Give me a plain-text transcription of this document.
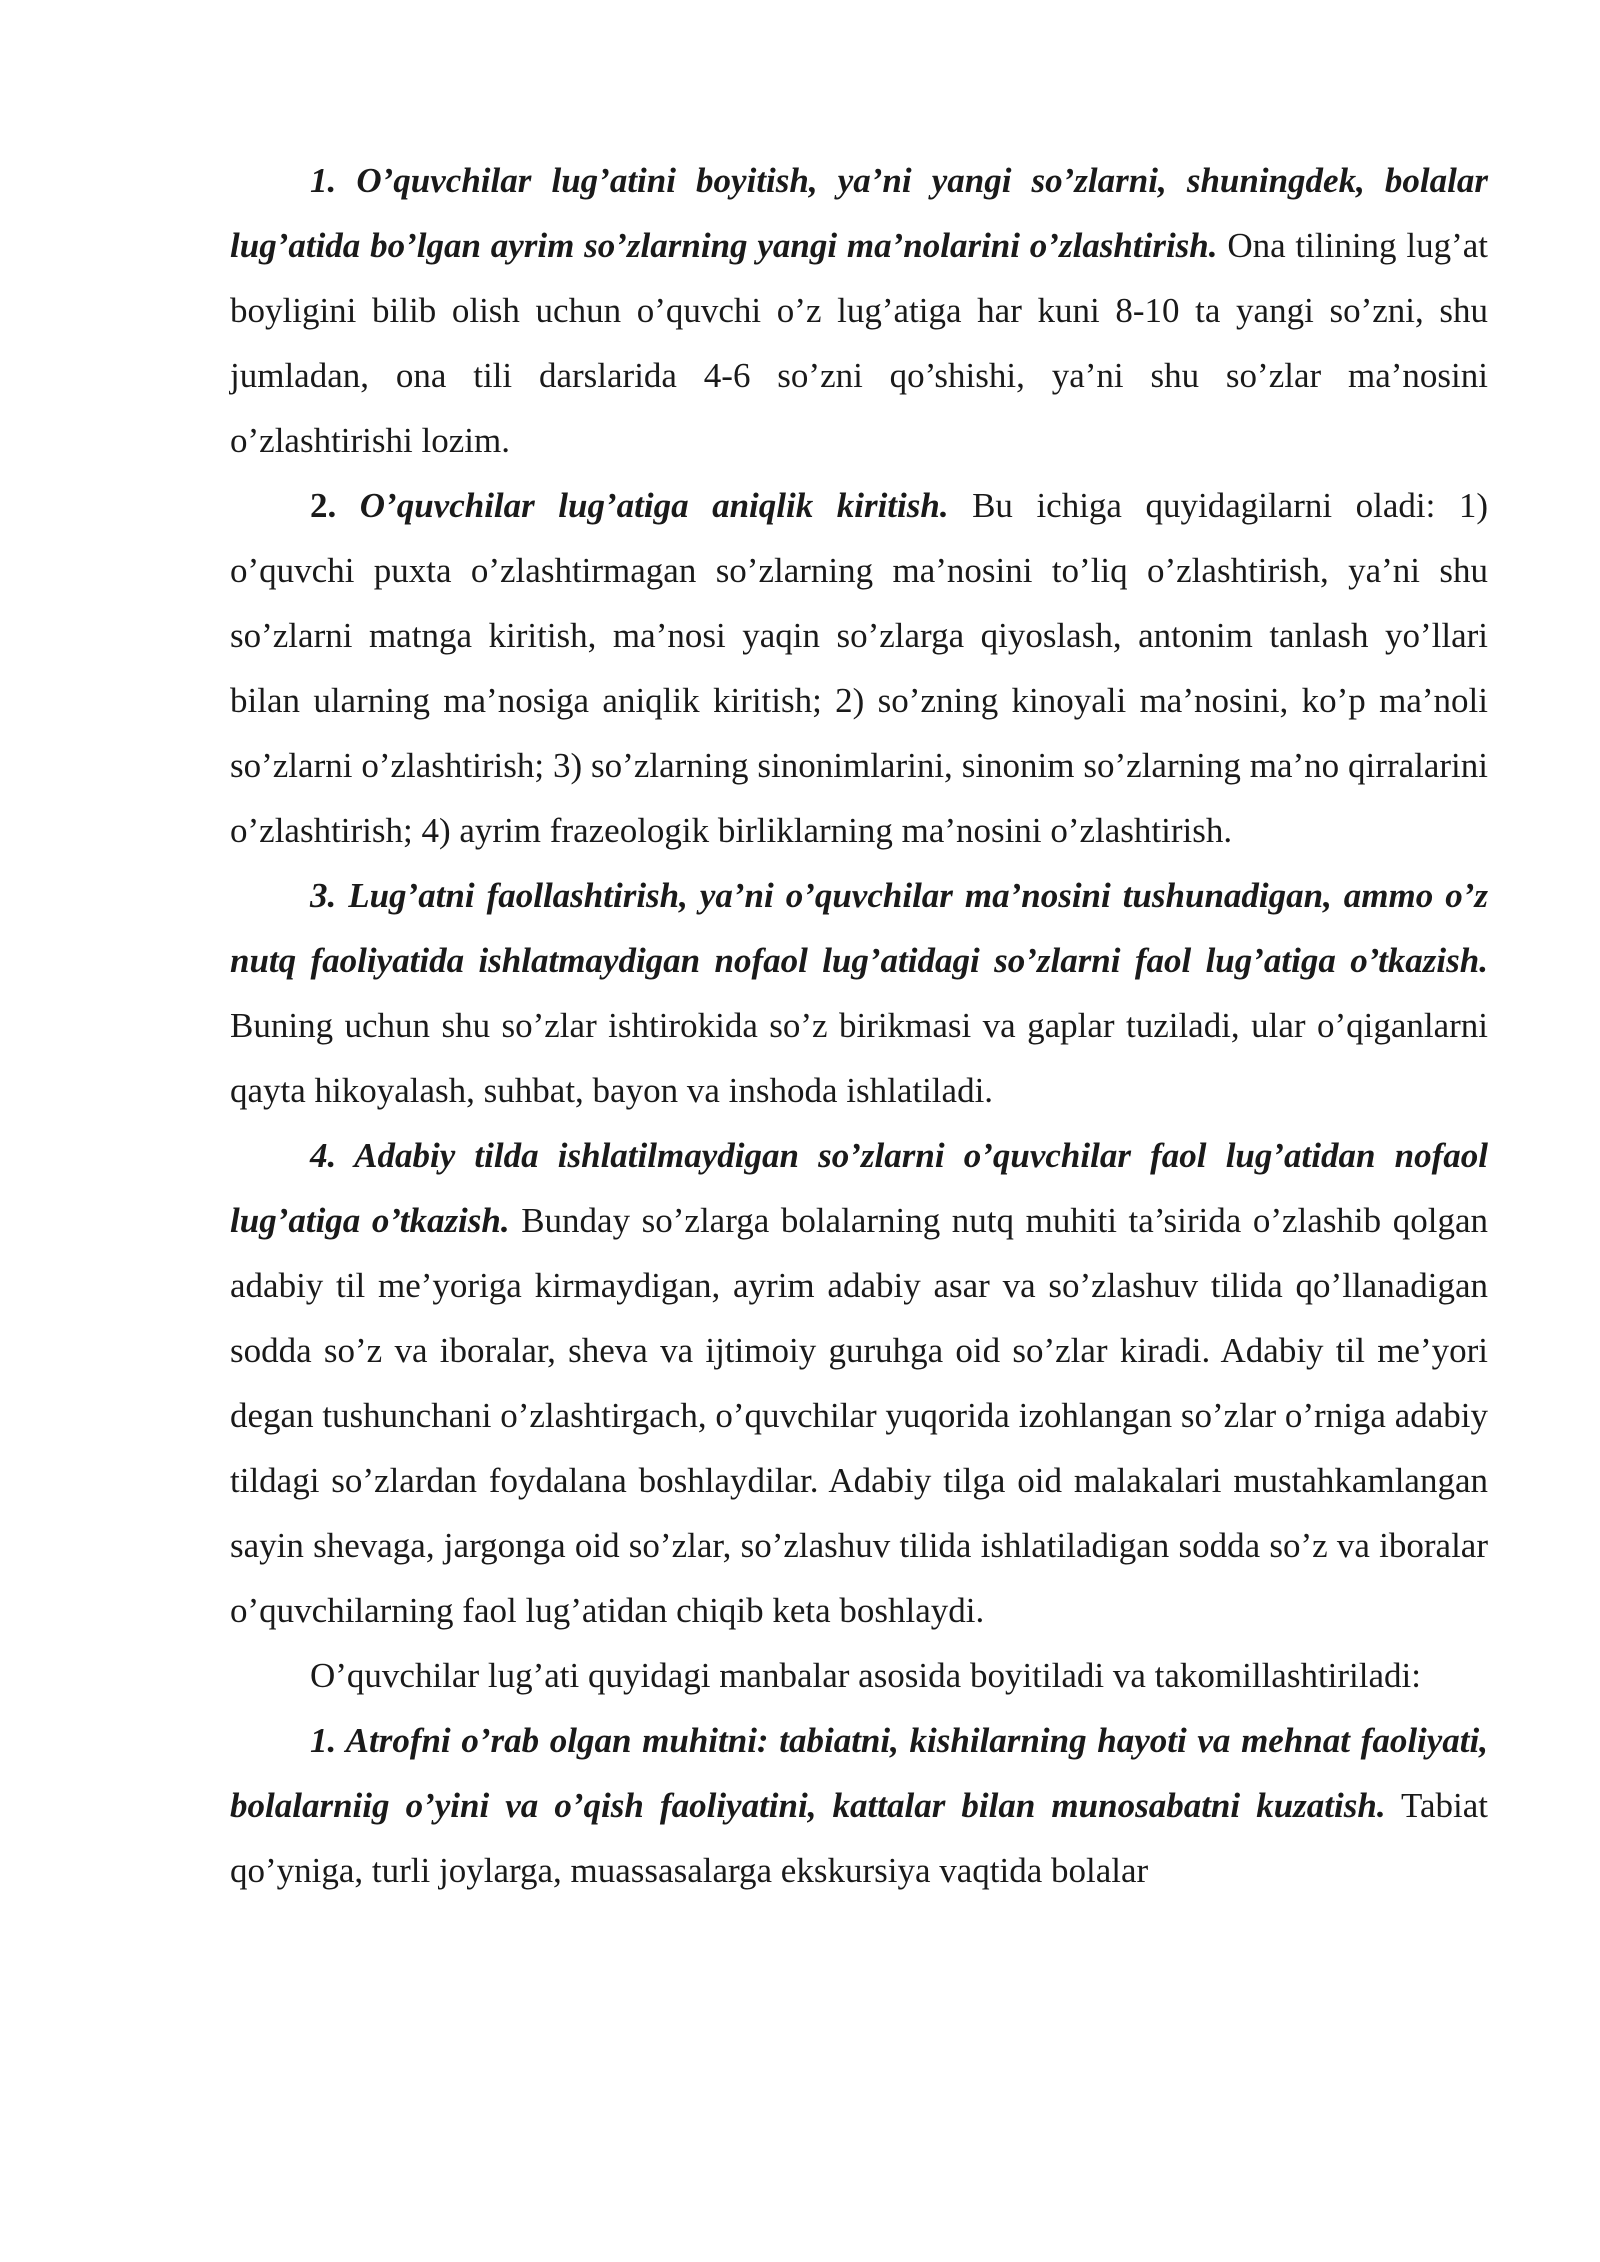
1. O’quvchilar lug’atini boyitish, ya’ni yangi so’zlarni, shuningdek, bolalar lug’atida bo’lgan ayrim so’zlarning yangi ma’nolarini o’zlashtirish. Ona tilining lug’at boyligini bilib olish uchun o’quvchi o’z lug’atiga har kuni 8-10 ta yangi so’zni, shu jumladan, ona tili darslarida 4-6 so’zni qo’shishi, ya’ni shu so’zlar ma’nosini o’zlashtirishi lozim.

2. O’quvchilar lug’atiga aniqlik kiritish. Bu ichiga quyidagilarni oladi: 1) o’quvchi puxta o’zlashtirmagan so’zlarning ma’nosini to’liq o’zlashtirish, ya’ni shu so’zlarni matnga kiritish, ma’nosi yaqin so’zlarga qiyoslash, antonim tanlash yo’llari bilan ularning ma’nosiga aniqlik kiritish; 2) so’zning kinoyali ma’nosini, ko’p ma’noli so’zlarni o’zlashtirish; 3) so’zlarning sinonimlarini, sinonim so’zlarning ma’no qirralarini o’zlashtirish; 4) ayrim frazeologik birliklarning ma’nosini o’zlashtirish.

3. Lug’atni faollashtirish, ya’ni o’quvchilar ma’nosini tushunadigan, ammo o’z nutq faoliyatida ishlatmaydigan nofaol lug’atidagi so’zlarni faol lug’atiga o’tkazish. Buning uchun shu so’zlar ishtirokida so’z birikmasi va gaplar tuziladi, ular o’qiganlarni qayta hikoyalash, suhbat, bayon va inshoda ishlatiladi.

4. Adabiy tilda ishlatilmaydigan so’zlarni o’quvchilar faol lug’atidan nofaol lug’atiga o’tkazish. Bunday so’zlarga bolalarning nutq muhiti ta’sirida o’zlashib qolgan adabiy til me’yoriga kirmaydigan, ayrim adabiy asar va so’zlashuv tilida qo’llanadigan sodda so’z va iboralar, sheva va ijtimoiy guruhga oid so’zlar kiradi. Adabiy til me’yori degan tushunchani o’zlashtirgach, o’quvchilar yuqorida izohlangan so’zlar o’rniga adabiy tildagi so’zlardan foydalana boshlaydilar. Adabiy tilga oid malakalari mustahkamlangan sayin shevaga, jargonga oid so’zlar, so’zlashuv tilida ishlatiladigan sodda so’z va iboralar o’quvchilarning faol lug’atidan chiqib keta boshlaydi.

O’quvchilar lug’ati quyidagi manbalar asosida boyitiladi va takomillashtiriladi:

1. Atrofni o’rab olgan muhitni: tabiatni, kishilarning hayoti va mehnat faoliyati, bolalarniig o’yini va o’qish faoliyatini, kattalar bilan munosabatni kuzatish. Tabiat qo’yniga, turli joylarga, muassasalarga ekskursiya vaqtida bolalar
